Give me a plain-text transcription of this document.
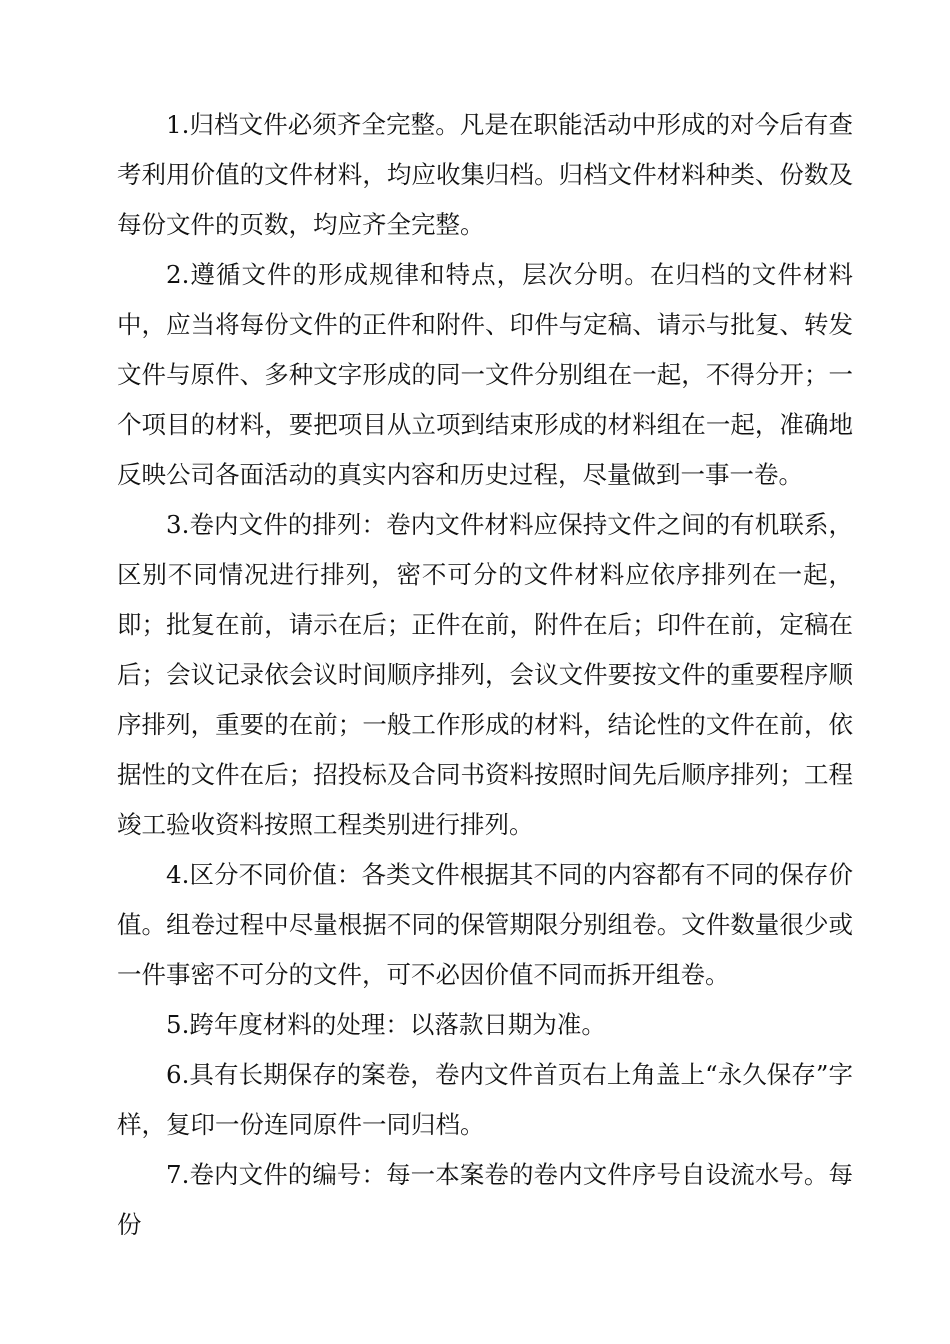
1.归档文件必须齐全完整。凡是在职能活动中形成的对今后有查考利用价值的文件材料，均应收集归档。归档文件材料种类、份数及每份文件的页数，均应齐全完整。

2.遵循文件的形成规律和特点，层次分明。在归档的文件材料中，应当将每份文件的正件和附件、印件与定稿、请示与批复、转发文件与原件、多种文字形成的同一文件分别组在一起，不得分开；一个项目的材料，要把项目从立项到结束形成的材料组在一起，准确地反映公司各面活动的真实内容和历史过程，尽量做到一事一卷。

3.卷内文件的排列：卷内文件材料应保持文件之间的有机联系，区别不同情况进行排列，密不可分的文件材料应依序排列在一起，即；批复在前，请示在后；正件在前，附件在后；印件在前，定稿在后；会议记录依会议时间顺序排列，会议文件要按文件的重要程序顺序排列，重要的在前；一般工作形成的材料，结论性的文件在前，依据性的文件在后；招投标及合同书资料按照时间先后顺序排列；工程竣工验收资料按照工程类别进行排列。

4.区分不同价值：各类文件根据其不同的内容都有不同的保存价值。组卷过程中尽量根据不同的保管期限分别组卷。文件数量很少或一件事密不可分的文件，可不必因价值不同而拆开组卷。

5.跨年度材料的处理：以落款日期为准。

6.具有长期保存的案卷，卷内文件首页右上角盖上“永久保存”字样，复印一份连同原件一同归档。

7.卷内文件的编号：每一本案卷的卷内文件序号自设流水号。每份
